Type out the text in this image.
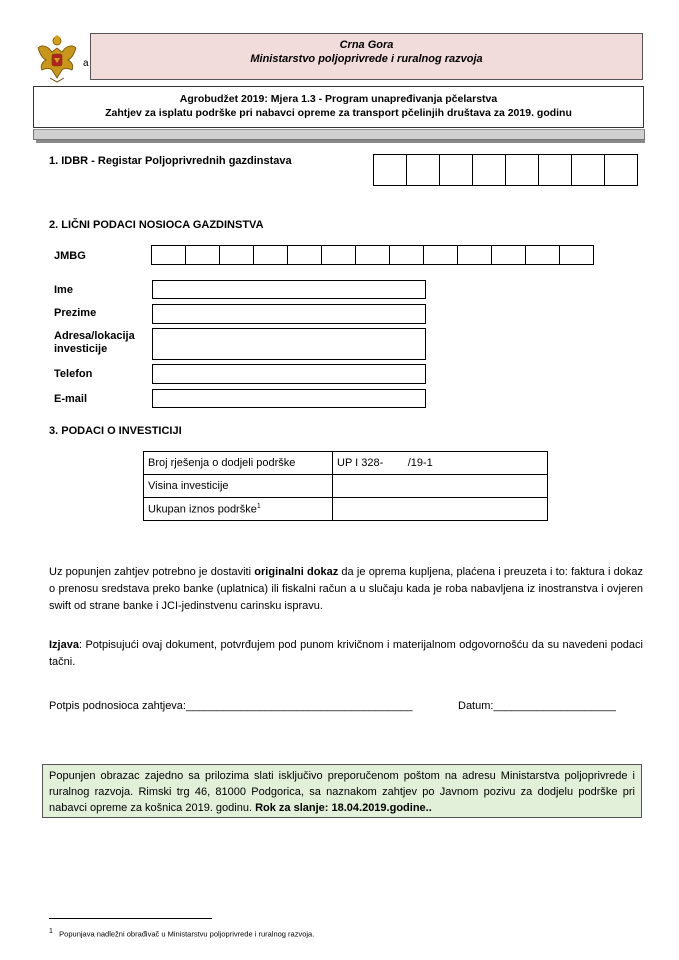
a
Crna Gora
Ministarstvo poljoprivrede i ruralnog razvoja
Agrobudžet 2019: Mjera 1.3 - Program unapređivanja pčelarstva
Zahtjev za isplatu podrške pri nabavci opreme za transport pčelinjih društava za 2019. godinu
1. IDBR - Registar Poljoprivrednih gazdinstava
2. LIČNI PODACI NOSIOCA GAZDINSTVA
JMBG
Ime
Prezime
Adresa/lokacija investicije
Telefon
E-mail
3. PODACI O INVESTICIJI
Broj rješenja o dodjeli podrške	UP I 328-        /19-1
Visina investicije	
Ukupan iznos podrške$^1$	
Uz popunjen zahtjev potrebno je dostaviti originalni dokaz da je oprema kupljena, plaćena i preuzeta i to: faktura i dokaz o prenosu sredstava preko banke (uplatnica) ili fiskalni račun a u slučaju kada je roba nabavljena iz inostranstva i ovjeren swift od strane banke i JCI-jedinstvenu carinsku ispravu.
Izjava: Potpisujući ovaj dokument, potvrđujem pod punom krivičnom i materijalnom odgovornošću da su navedeni podaci tačni.
Potpis podnosioca zahtjeva:_____________________________________	Datum:____________________
Popunjen obrazac zajedno sa prilozima slati isključivo preporučenom poštom na adresu Ministarstva poljoprivrede i ruralnog razvoja. Rimski trg 46, 81000 Podgorica, sa naznakom zahtjev po Javnom pozivu za dodjelu podrške pri nabavci opreme za košnica 2019. godinu. Rok za slanje: 18.04.2019.godine..
$^1$ Popunjava nadležni obrađivač u Ministarstvu poljoprivrede i ruralnog razvoja.
